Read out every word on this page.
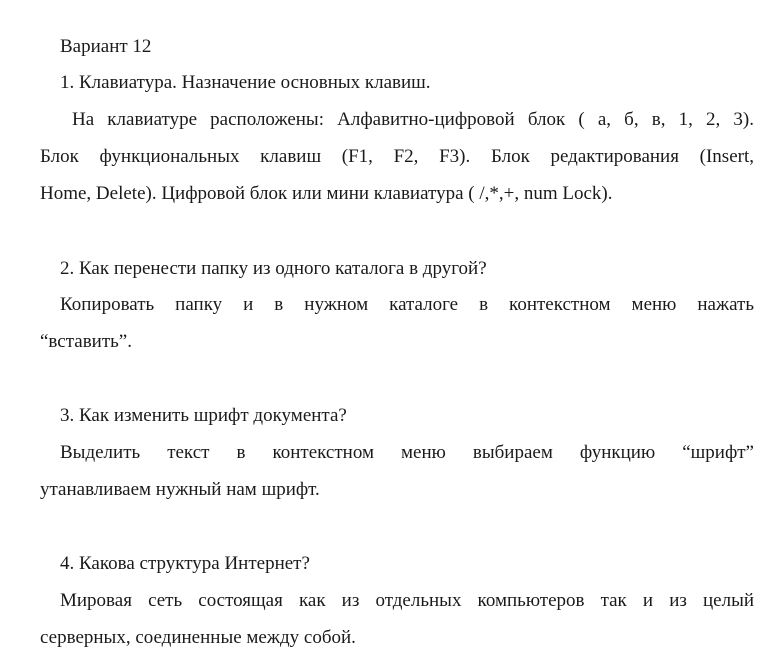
Вариант 12
1. Клавиатура. Назначение основных клавиш.
На клавиатуре расположены: Алфавитно-цифровой блок ( а, б, в, 1, 2, 3).
Блок функциональных клавиш (F1, F2, F3). Блок редактирования (Insert,
Home, Delete). Цифровой блок или мини клавиатура ( /,*,+, num Lock).
2. Как перенести папку из одного каталога в другой?
Копировать папку и в нужном каталоге в контекстном меню нажать
“вставить”.
3. Как изменить шрифт документа?
Выделить текст в контекстном меню выбираем функцию “шрифт”
утанавливаем нужный нам шрифт.
4. Какова структура Интернет?
Мировая сеть состоящая как из отдельных компьютеров так и из целый
серверных, соединенные между собой.
